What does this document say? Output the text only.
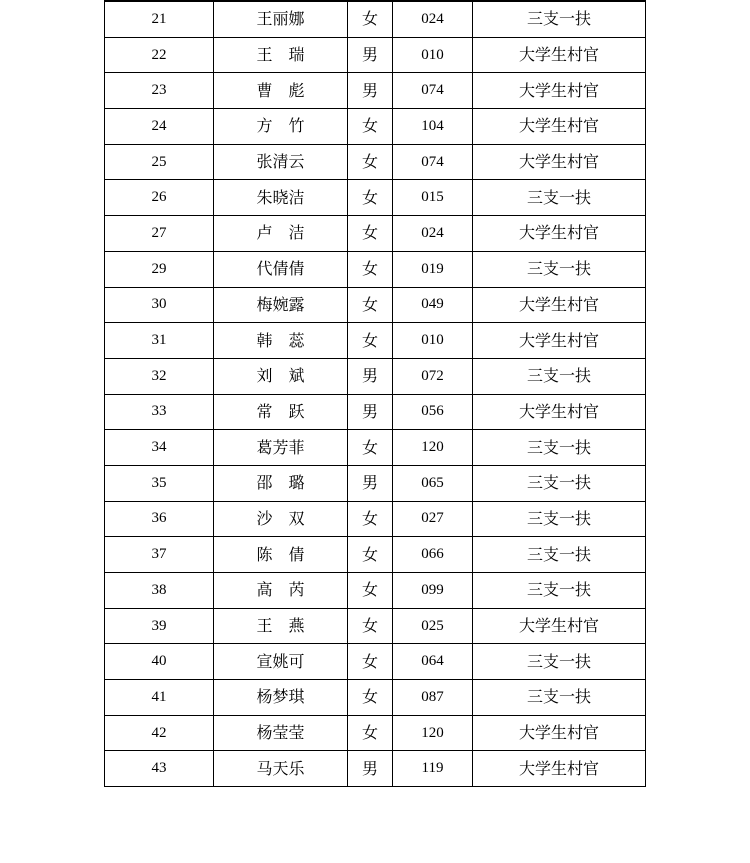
21	王丽娜	女	024	三支一扶
22	王　瑞	男	010	大学生村官
23	曹　彪	男	074	大学生村官
24	方　竹	女	104	大学生村官
25	张清云	女	074	大学生村官
26	朱晓洁	女	015	三支一扶
27	卢　洁	女	024	大学生村官
29	代倩倩	女	019	三支一扶
30	梅婉露	女	049	大学生村官
31	韩　蕊	女	010	大学生村官
32	刘　斌	男	072	三支一扶
33	常　跃	男	056	大学生村官
34	葛芳菲	女	120	三支一扶
35	邵　璐	男	065	三支一扶
36	沙　双	女	027	三支一扶
37	陈　倩	女	066	三支一扶
38	高　芮	女	099	三支一扶
39	王　燕	女	025	大学生村官
40	宣姚可	女	064	三支一扶
41	杨梦琪	女	087	三支一扶
42	杨莹莹	女	120	大学生村官
43	马天乐	男	119	大学生村官
